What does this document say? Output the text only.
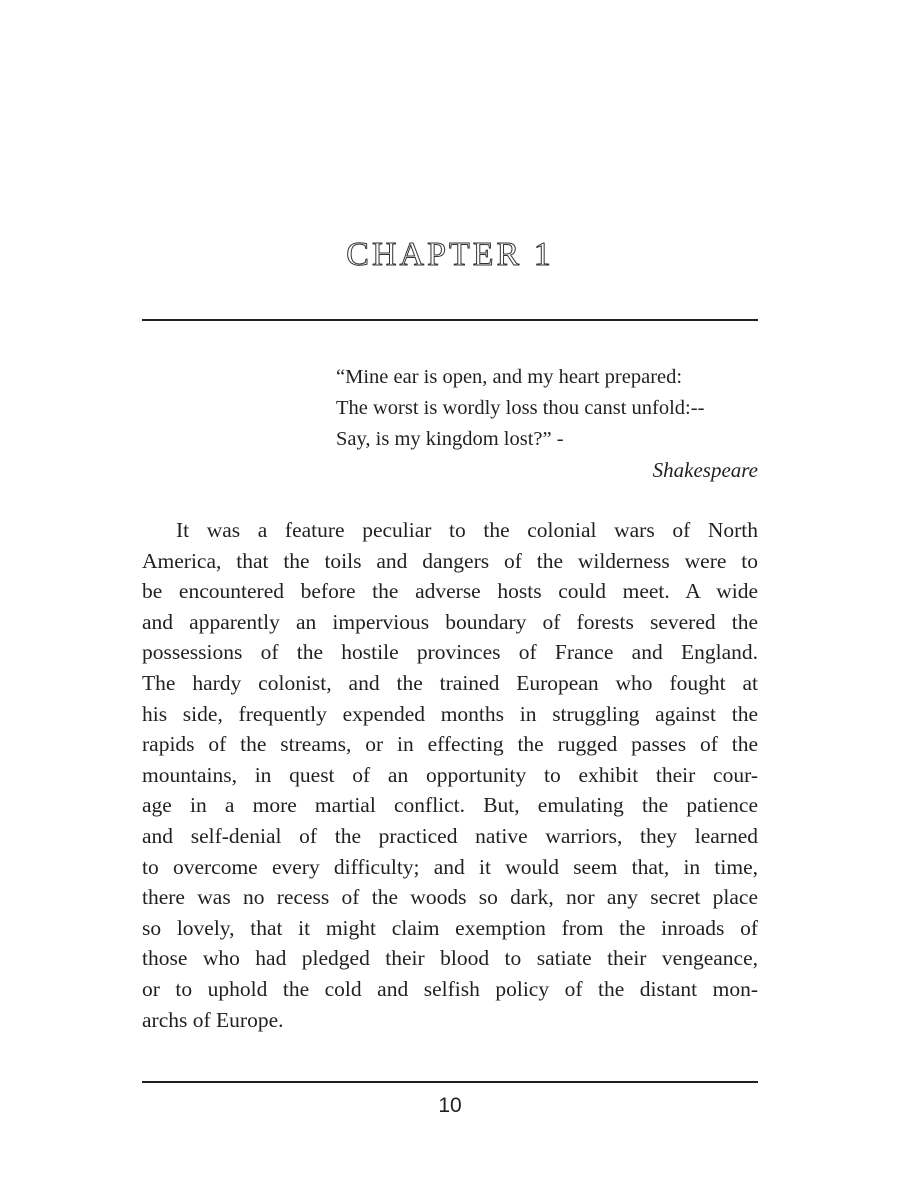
CHAPTER 1
“Mine ear is open, and my heart prepared:
The worst is wordly loss thou canst unfold:--
Say, is my kingdom lost?” -
Shakespeare
It was a feature peculiar to the colonial wars of North
America, that the toils and dangers of the wilderness were to
be encountered before the adverse hosts could meet. A wide
and apparently an impervious boundary of forests severed the
possessions of the hostile provinces of France and England.
The hardy colonist, and the trained European who fought at
his side, frequently expended months in struggling against the
rapids of the streams, or in effecting the rugged passes of the
mountains, in quest of an opportunity to exhibit their cour-
age in a more martial conflict. But, emulating the patience
and self-denial of the practiced native warriors, they learned
to overcome every difficulty; and it would seem that, in time,
there was no recess of the woods so dark, nor any secret place
so lovely, that it might claim exemption from the inroads of
those who had pledged their blood to satiate their vengeance,
or to uphold the cold and selfish policy of the distant mon-
archs of Europe.
10
